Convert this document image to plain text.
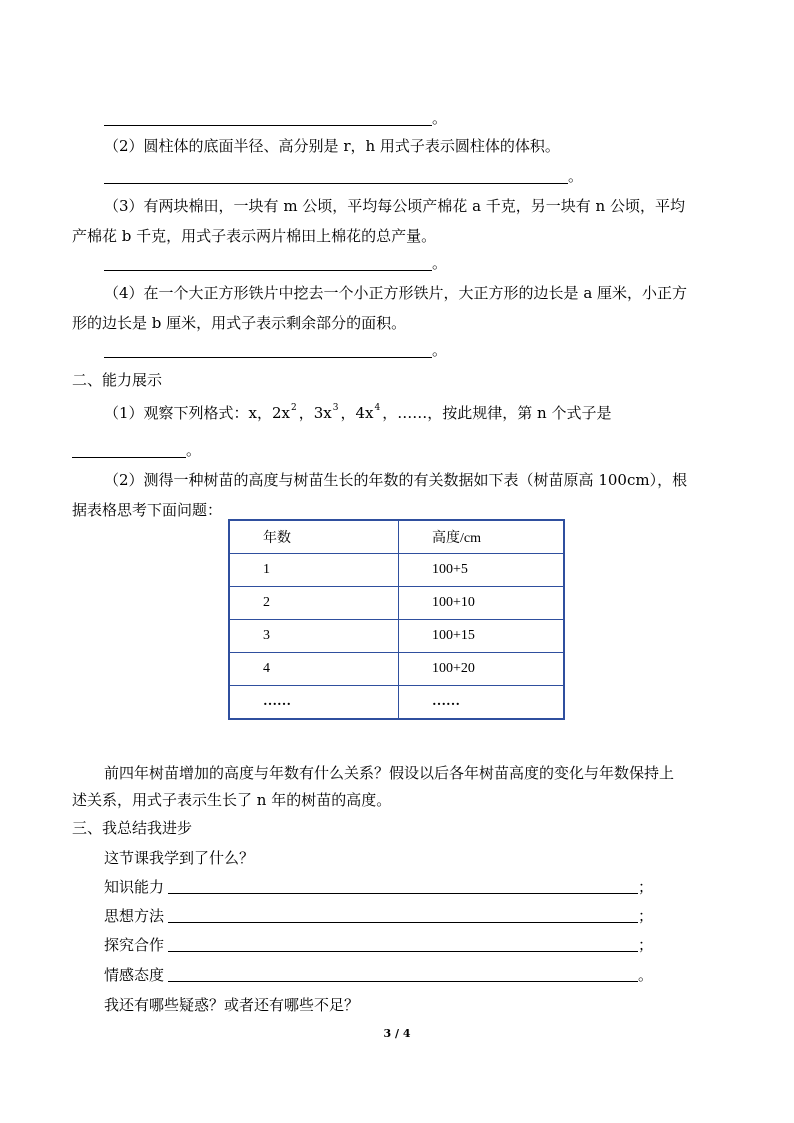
。
（2）圆柱体的底面半径、高分别是 r，h 用式子表示圆柱体的体积。
。
（3）有两块棉田，一块有 m 公顷，平均每公顷产棉花 a 千克，另一块有 n 公顷，平均
产棉花 b 千克，用式子表示两片棉田上棉花的总产量。
。
（4）在一个大正方形铁片中挖去一个小正方形铁片，大正方形的边长是 a 厘米，小正方
形的边长是 b 厘米，用式子表示剩余部分的面积。
。
二、能力展示
（1）观察下列格式：x，$2x^2$ ，$3x^3$ ，$4x^4$ ，……，按此规律，第 n 个式子是
。
（2）测得一种树苗的高度与树苗生长的年数的有关数据如下表（树苗原高 100cm），根
据表格思考下面问题：
年数	高度/cm
1	100+5
2	100+10
3	100+15
4	100+20
……	……
前四年树苗增加的高度与年数有什么关系？假设以后各年树苗高度的变化与年数保持上
述关系，用式子表示生长了 n 年的树苗的高度。
三、我总结我进步
这节课我学到了什么？
知识能力	；
思想方法	；
探究合作	；
情感态度	。
我还有哪些疑惑？或者还有哪些不足？
3 / 4
